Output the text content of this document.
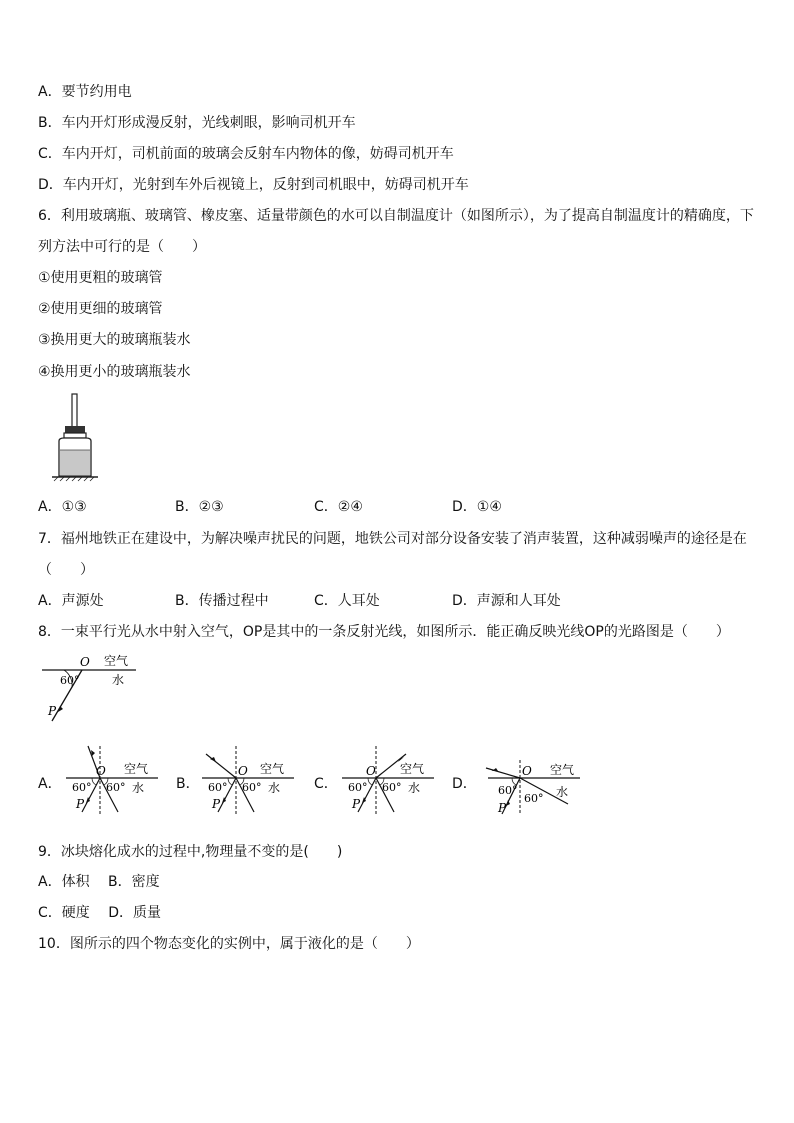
A．要节约用电
B．车内开灯形成漫反射，光线刺眼，影响司机开车
C．车内开灯，司机前面的玻璃会反射车内物体的像，妨碍司机开车
D．车内开灯，光射到车外后视镜上，反射到司机眼中，妨碍司机开车
6．利用玻璃瓶、玻璃管、橡皮塞、适量带颜色的水可以自制温度计（如图所示），为了提高自制温度计的精确度，下
列方法中可行的是（　　）
①使用更粗的玻璃管
②使用更细的玻璃管
③换用更大的玻璃瓶装水
④换用更小的玻璃瓶装水
A．①③	B．②③	C．②④	D．①④
7．福州地铁正在建设中，为解决噪声扰民的问题，地铁公司对部分设备安装了消声装置，这种减弱噪声的途径是在
（　　）
A．声源处	B．传播过程中	C．人耳处	D．声源和人耳处
8．一束平行光从水中射入空气，OP是其中的一条反射光线，如图所示．能正确反映光线OP的光路图是（　　）
O 空气
水
60°
P
A．
O 空气
水
60° 60°
P
B．
O 空气
水
60° 60°
P
C．
O 空气
水
60° 60°
P
D．
O 空气
水
60°
60°
P
9．冰块熔化成水的过程中,物理量不变的是(　　)
A．体积　 B．密度
C．硬度　 D．质量
10．图所示的四个物态变化的实例中，属于液化的是（　　）
